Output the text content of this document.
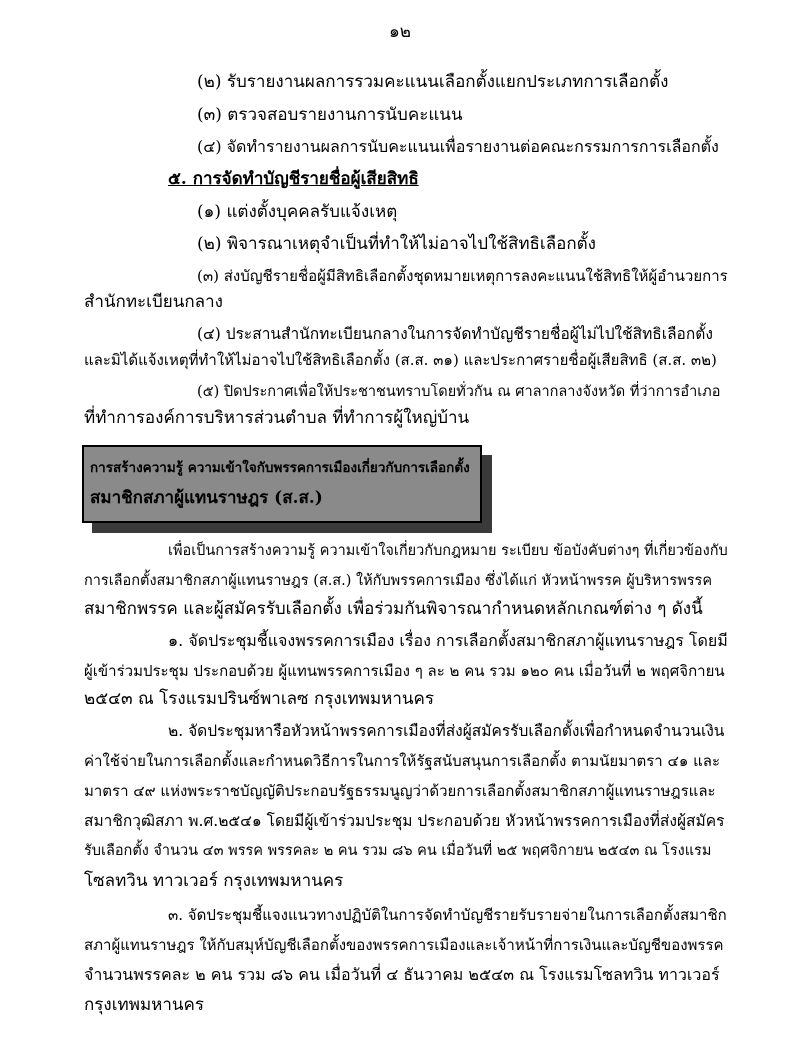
๑๒
(๒) รับรายงานผลการรวมคะแนนเลือกตั้งแยกประเภทการเลือกตั้ง
(๓) ตรวจสอบรายงานการนับคะแนน
(๔) จัดทำรายงานผลการนับคะแนนเพื่อรายงานต่อคณะกรรมการการเลือกตั้ง
๕. การจัดทำบัญชีรายชื่อผู้เสียสิทธิ
(๑) แต่งตั้งบุคคลรับแจ้งเหตุ
(๒) พิจารณาเหตุจำเป็นที่ทำให้ไม่อาจไปใช้สิทธิเลือกตั้ง
(๓) ส่งบัญชีรายชื่อผู้มีสิทธิเลือกตั้งชุดหมายเหตุการลงคะแนนใช้สิทธิให้ผู้อำนวยการ
สำนักทะเบียนกลาง
(๔) ประสานสำนักทะเบียนกลางในการจัดทำบัญชีรายชื่อผู้ไม่ไปใช้สิทธิเลือกตั้ง
และมิได้แจ้งเหตุที่ทำให้ไม่อาจไปใช้สิทธิเลือกตั้ง (ส.ส. ๓๑) และประกาศรายชื่อผู้เสียสิทธิ (ส.ส. ๓๒)
(๕) ปิดประกาศเพื่อให้ประชาชนทราบโดยทั่วกัน ณ ศาลากลางจังหวัด ที่ว่าการอำเภอ
ที่ทำการองค์การบริหารส่วนตำบล ที่ทำการผู้ใหญ่บ้าน
การสร้างความรู้ ความเข้าใจกับพรรคการเมืองเกี่ยวกับการเลือกตั้ง
สมาชิกสภาผู้แทนราษฎร (ส.ส.)
เพื่อเป็นการสร้างความรู้ ความเข้าใจเกี่ยวกับกฎหมาย ระเบียบ ข้อบังคับต่างๆ ที่เกี่ยวข้องกับ
การเลือกตั้งสมาชิกสภาผู้แทนราษฎร (ส.ส.) ให้กับพรรคการเมือง ซึ่งได้แก่ หัวหน้าพรรค ผู้บริหารพรรค
สมาชิกพรรค และผู้สมัครรับเลือกตั้ง เพื่อร่วมกันพิจารณากำหนดหลักเกณฑ์ต่าง ๆ ดังนี้
๑. จัดประชุมชี้แจงพรรคการเมือง เรื่อง การเลือกตั้งสมาชิกสภาผู้แทนราษฎร โดยมี
ผู้เข้าร่วมประชุม ประกอบด้วย ผู้แทนพรรคการเมือง ๆ ละ ๒ คน รวม ๑๒๐ คน เมื่อวันที่ ๒ พฤศจิกายน
๒๕๔๓ ณ โรงแรมปรินซ์พาเลซ กรุงเทพมหานคร
๒. จัดประชุมหารือหัวหน้าพรรคการเมืองที่ส่งผู้สมัครรับเลือกตั้งเพื่อกำหนดจำนวนเงิน
ค่าใช้จ่ายในการเลือกตั้งและกำหนดวิธีการในการให้รัฐสนับสนุนการเลือกตั้ง ตามนัยมาตรา ๔๑ และ
มาตรา ๔๙ แห่งพระราชบัญญัติประกอบรัฐธรรมนูญว่าด้วยการเลือกตั้งสมาชิกสภาผู้แทนราษฎรและ
สมาชิกวุฒิสภา พ.ศ.๒๕๔๑ โดยมีผู้เข้าร่วมประชุม ประกอบด้วย หัวหน้าพรรคการเมืองที่ส่งผู้สมัคร
รับเลือกตั้ง จำนวน ๔๓ พรรค พรรคละ ๒ คน รวม ๘๖ คน เมื่อวันที่ ๒๕ พฤศจิกายน ๒๕๔๓ ณ โรงแรม
โซลทวิน ทาวเวอร์ กรุงเทพมหานคร
๓. จัดประชุมชี้แจงแนวทางปฏิบัติในการจัดทำบัญชีรายรับรายจ่ายในการเลือกตั้งสมาชิก
สภาผู้แทนราษฎร ให้กับสมุห์บัญชีเลือกตั้งของพรรคการเมืองและเจ้าหน้าที่การเงินและบัญชีของพรรค
จำนวนพรรคละ ๒ คน รวม ๘๖ คน เมื่อวันที่ ๔ ธันวาคม ๒๕๔๓ ณ โรงแรมโซลทวิน ทาวเวอร์
กรุงเทพมหานคร
